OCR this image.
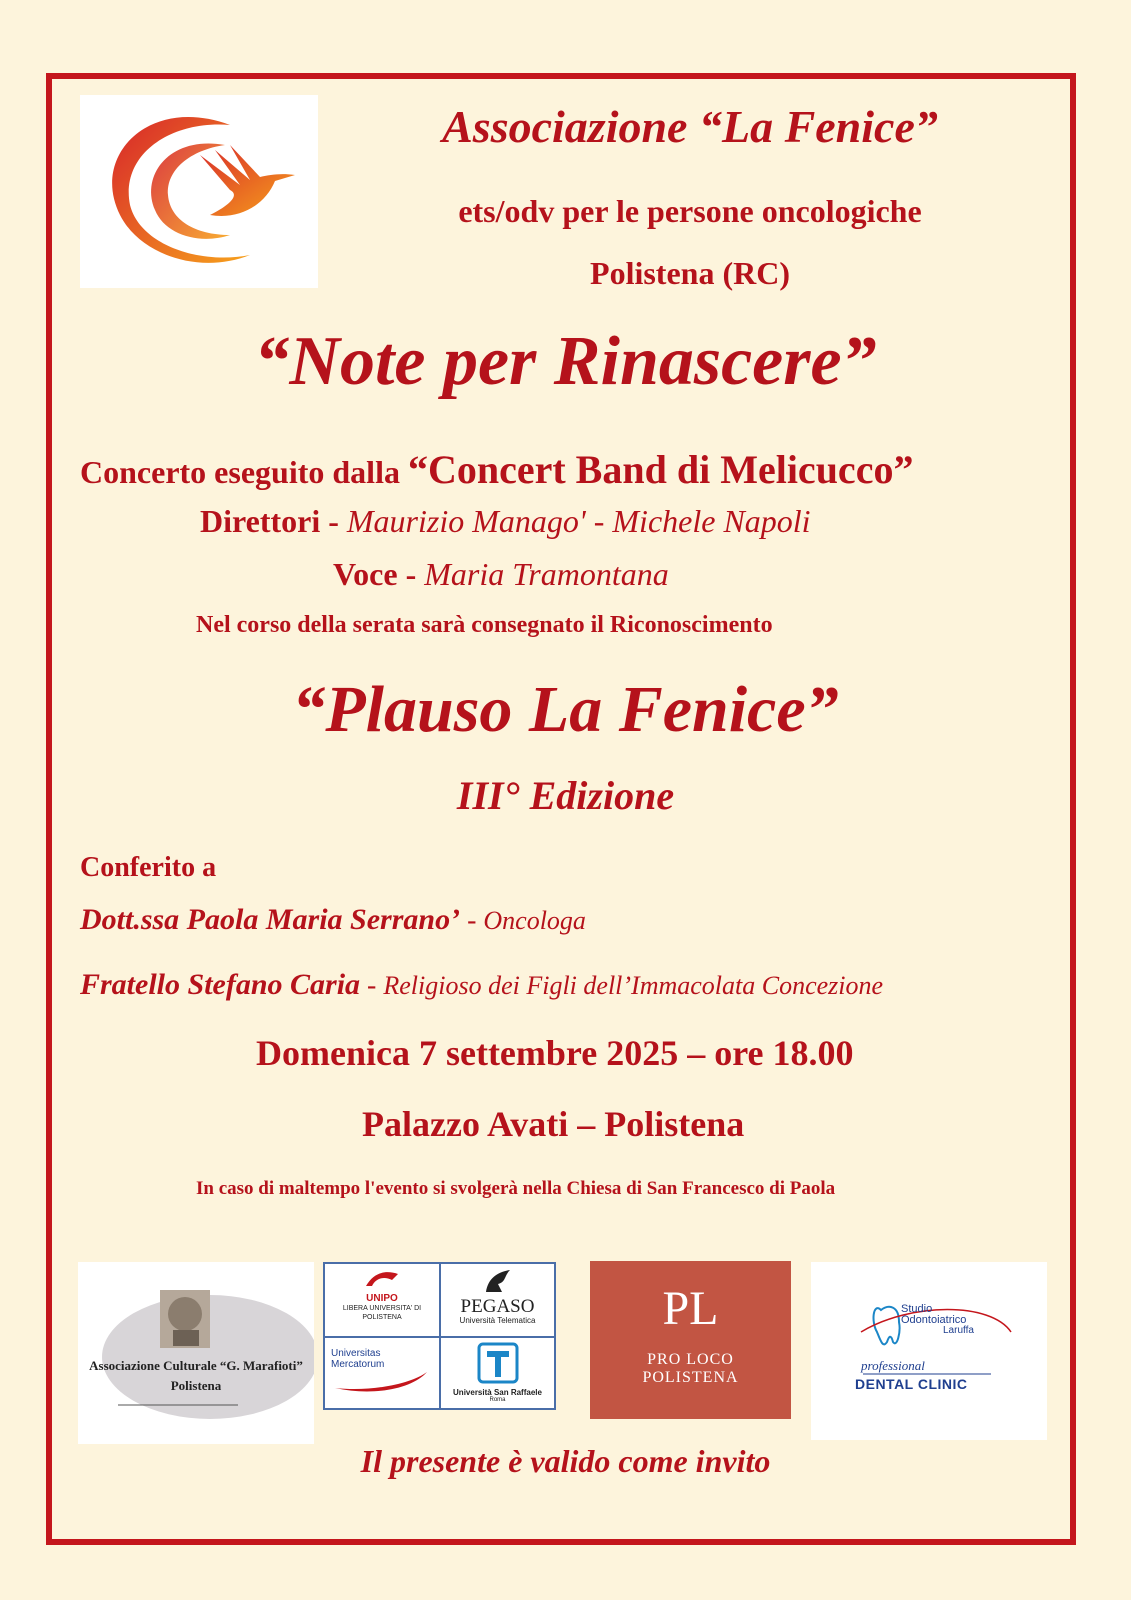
Associazione “La Fenice”
ets/odv per le persone oncologiche
Polistena (RC)
“Note per Rinascere”
Concerto eseguito dalla “Concert Band di Melicucco”
Direttori - Maurizio Manago' - Michele Napoli
Voce - Maria Tramontana
Nel corso della serata sarà consegnato il Riconoscimento
“Plauso La Fenice”
III° Edizione
Conferito a
Dott.ssa Paola Maria Serrano’ - Oncologa
Fratello Stefano Caria - Religioso dei Figli dell’Immacolata Concezione
Domenica 7 settembre 2025 – ore 18.00
Palazzo Avati – Polistena
In caso di maltempo l'evento si svolgerà nella Chiesa di San Francesco di Paola
Associazione Culturale “G. Marafioti”
Polistena
UNIPO
LIBERA UNIVERSITA' DI POLISTENA
PEGASO
Università Telematica
Universitas
Mercatorum
Università San Raffaele
Roma
PL
PRO LOCO
POLISTENA
Studio
Odontoiatrico
Laruffa
professional
DENTAL CLINIC
Il presente è valido come invito
